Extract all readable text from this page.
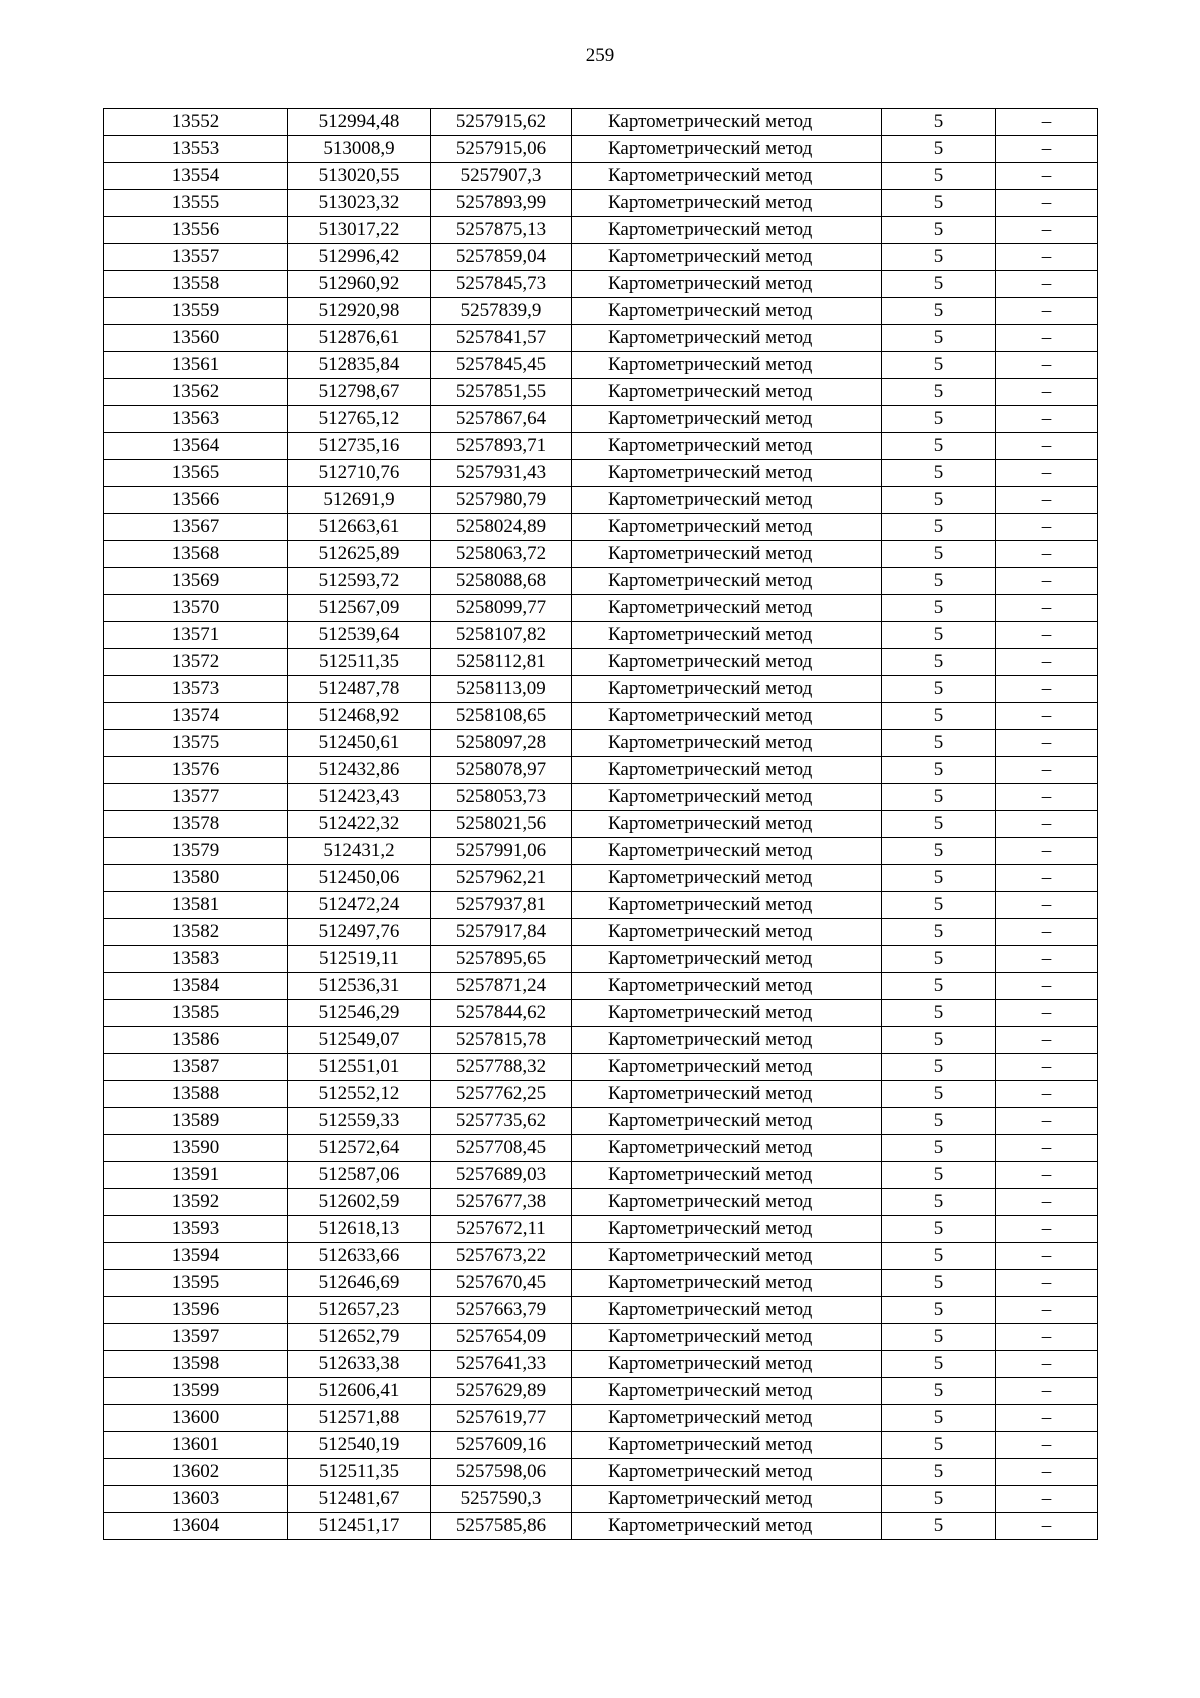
259
13552	512994,48	5257915,62	Картометрический метод	5	–
13553	513008,9	5257915,06	Картометрический метод	5	–
13554	513020,55	5257907,3	Картометрический метод	5	–
13555	513023,32	5257893,99	Картометрический метод	5	–
13556	513017,22	5257875,13	Картометрический метод	5	–
13557	512996,42	5257859,04	Картометрический метод	5	–
13558	512960,92	5257845,73	Картометрический метод	5	–
13559	512920,98	5257839,9	Картометрический метод	5	–
13560	512876,61	5257841,57	Картометрический метод	5	–
13561	512835,84	5257845,45	Картометрический метод	5	–
13562	512798,67	5257851,55	Картометрический метод	5	–
13563	512765,12	5257867,64	Картометрический метод	5	–
13564	512735,16	5257893,71	Картометрический метод	5	–
13565	512710,76	5257931,43	Картометрический метод	5	–
13566	512691,9	5257980,79	Картометрический метод	5	–
13567	512663,61	5258024,89	Картометрический метод	5	–
13568	512625,89	5258063,72	Картометрический метод	5	–
13569	512593,72	5258088,68	Картометрический метод	5	–
13570	512567,09	5258099,77	Картометрический метод	5	–
13571	512539,64	5258107,82	Картометрический метод	5	–
13572	512511,35	5258112,81	Картометрический метод	5	–
13573	512487,78	5258113,09	Картометрический метод	5	–
13574	512468,92	5258108,65	Картометрический метод	5	–
13575	512450,61	5258097,28	Картометрический метод	5	–
13576	512432,86	5258078,97	Картометрический метод	5	–
13577	512423,43	5258053,73	Картометрический метод	5	–
13578	512422,32	5258021,56	Картометрический метод	5	–
13579	512431,2	5257991,06	Картометрический метод	5	–
13580	512450,06	5257962,21	Картометрический метод	5	–
13581	512472,24	5257937,81	Картометрический метод	5	–
13582	512497,76	5257917,84	Картометрический метод	5	–
13583	512519,11	5257895,65	Картометрический метод	5	–
13584	512536,31	5257871,24	Картометрический метод	5	–
13585	512546,29	5257844,62	Картометрический метод	5	–
13586	512549,07	5257815,78	Картометрический метод	5	–
13587	512551,01	5257788,32	Картометрический метод	5	–
13588	512552,12	5257762,25	Картометрический метод	5	–
13589	512559,33	5257735,62	Картометрический метод	5	–
13590	512572,64	5257708,45	Картометрический метод	5	–
13591	512587,06	5257689,03	Картометрический метод	5	–
13592	512602,59	5257677,38	Картометрический метод	5	–
13593	512618,13	5257672,11	Картометрический метод	5	–
13594	512633,66	5257673,22	Картометрический метод	5	–
13595	512646,69	5257670,45	Картометрический метод	5	–
13596	512657,23	5257663,79	Картометрический метод	5	–
13597	512652,79	5257654,09	Картометрический метод	5	–
13598	512633,38	5257641,33	Картометрический метод	5	–
13599	512606,41	5257629,89	Картометрический метод	5	–
13600	512571,88	5257619,77	Картометрический метод	5	–
13601	512540,19	5257609,16	Картометрический метод	5	–
13602	512511,35	5257598,06	Картометрический метод	5	–
13603	512481,67	5257590,3	Картометрический метод	5	–
13604	512451,17	5257585,86	Картометрический метод	5	–
